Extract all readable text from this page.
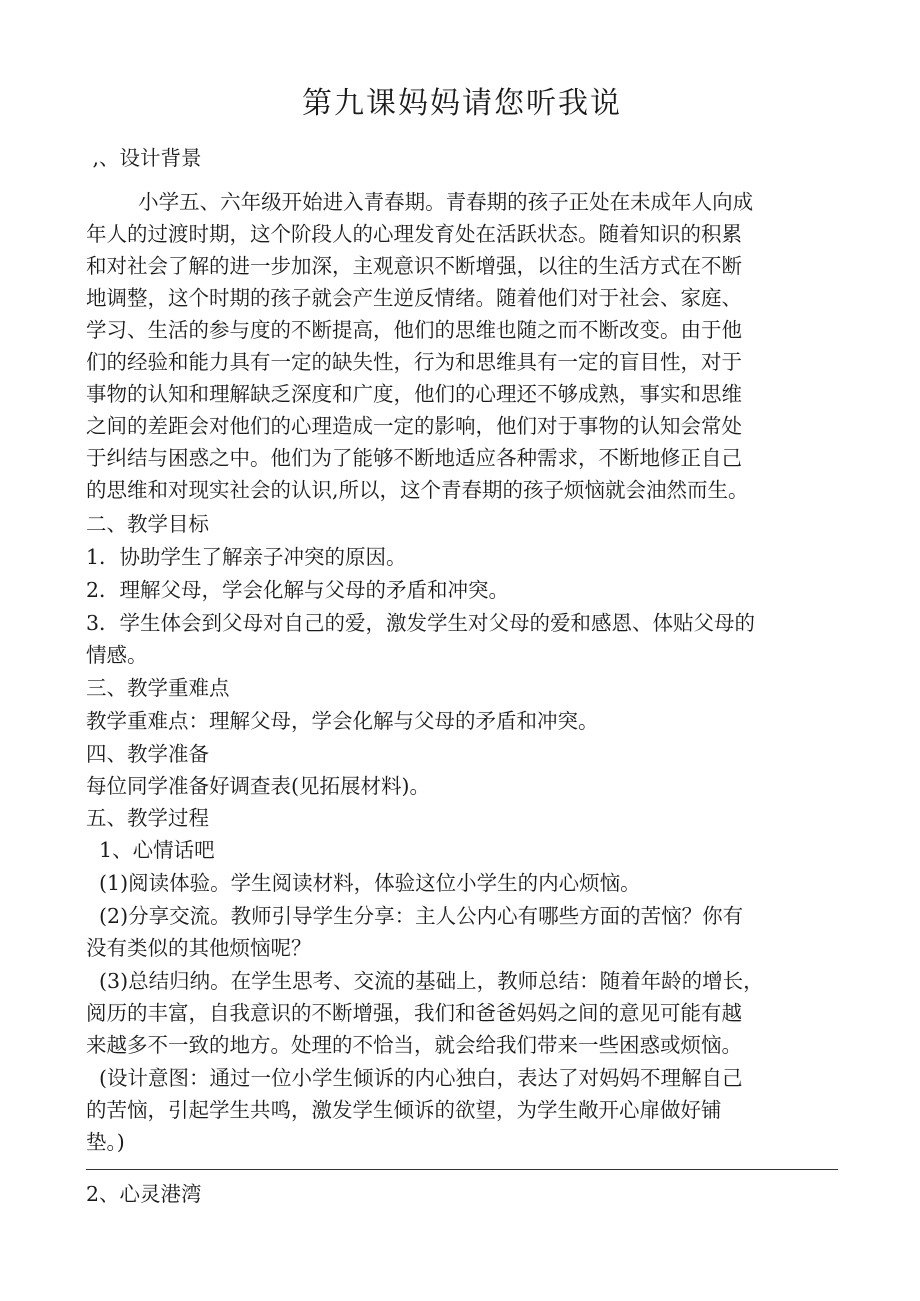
第九课妈妈请您听我说
,、设计背景
小学五、六年级开始进入青春期。青春期的孩子正处在未成年人向成
年人的过渡时期，这个阶段人的心理发育处在活跃状态。随着知识的积累
和对社会了解的进一步加深，主观意识不断增强，以往的生活方式在不断
地调整，这个时期的孩子就会产生逆反情绪。随着他们对于社会、家庭、
学习、生活的参与度的不断提高，他们的思维也随之而不断改变。由于他
们的经验和能力具有一定的缺失性，行为和思维具有一定的盲目性，对于
事物的认知和理解缺乏深度和广度，他们的心理还不够成熟，事实和思维
之间的差距会对他们的心理造成一定的影响，他们对于事物的认知会常处
于纠结与困惑之中。他们为了能够不断地适应各种需求，不断地修正自己
的思维和对现实社会的认识,所以，这个青春期的孩子烦恼就会油然而生。
二、教学目标
1．协助学生了解亲子冲突的原因。
2．理解父母，学会化解与父母的矛盾和冲突。
3．学生体会到父母对自己的爱，激发学生对父母的爱和感恩、体贴父母的
情感。
三、教学重难点
教学重难点：理解父母，学会化解与父母的矛盾和冲突。
四、教学准备
每位同学准备好调查表(见拓展材料)。
五、教学过程
1、心情话吧
(1)阅读体验。学生阅读材料，体验这位小学生的内心烦恼。
(2)分享交流。教师引导学生分享：主人公内心有哪些方面的苦恼？你有
没有类似的其他烦恼呢？
(3)总结归纳。在学生思考、交流的基础上，教师总结：随着年龄的增长，
阅历的丰富，自我意识的不断增强，我们和爸爸妈妈之间的意见可能有越
来越多不一致的地方。处理的不恰当，就会给我们带来一些困惑或烦恼。
(设计意图：通过一位小学生倾诉的内心独白，表达了对妈妈不理解自己
的苦恼，引起学生共鸣，激发学生倾诉的欲望，为学生敞开心扉做好铺
垫。)
2、心灵港湾
